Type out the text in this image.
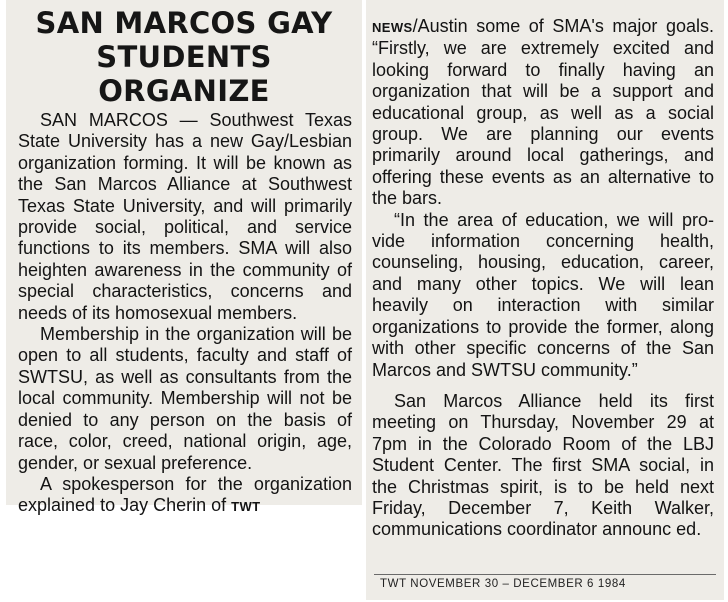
SAN MARCOS GAY
STUDENTS ORGANIZE

SAN MARCOS — Southwest Texas State University has a new Gay/Lesbian organization forming. It will be known as the San Marcos Alliance at Southwest Texas State University, and will primarily provide social, political, and service functions to its members. SMA will also heighten awareness in the community of special characteristics, concerns and needs of its homosexual members.

Membership in the organization will be open to all students, faculty and staff of SWTSU, as well as consultants from the local community. Membership will not be denied to any person on the basis of race, color, creed, national origin, age, gender, or sexual preference.

A spokesperson for the organization explained to Jay Cherin of TWT

NEWS/Austin some of SMA's major goals. “Firstly, we are extremely excited and looking forward to finally having an organization that will be a support and educational group, as well as a social group. We are planning our events primarily around local gatherings, and offering these events as an alternative to the bars.

“In the area of education, we will provide information concerning health, counseling, housing, education, career, and many other topics. We will lean heavily on interaction with similar organizations to provide the former, along with other specific concerns of the San Marcos and SWTSU community.”

San Marcos Alliance held its first meeting on Thursday, November 29 at 7pm in the Colorado Room of the LBJ Student Center. The first SMA social, in the Christmas spirit, is to be held next Friday, December 7, Keith Walker, communications coordinator announc ed.

TWT NOVEMBER 30 – DECEMBER 6 1984
